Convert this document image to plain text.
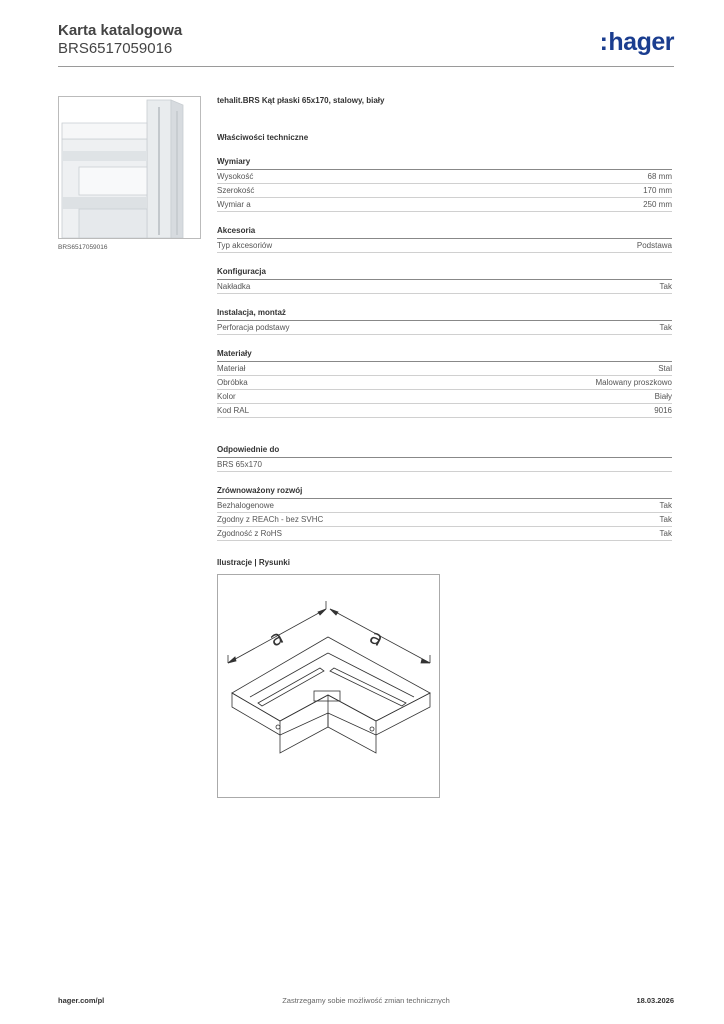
Karta katalogowa
BRS6517059016	:hager
BRS6517059016
tehalit.BRS Kąt płaski 65x170, stalowy, biały
Właściwości techniczne
Wymiary
Wysokość	68 mm
Szerokość	170 mm
Wymiar a	250 mm
Akcesoria
Typ akcesoriów	Podstawa
Konfiguracja
Nakładka	Tak
Instalacja, montaż
Perforacja podstawy	Tak
Materiały
Materiał	Stal
Obróbka	Malowany proszkowo
Kolor	Biały
Kod RAL	9016
Odpowiednie do
BRS 65x170
Zrównoważony rozwój
Bezhalogenowe	Tak
Zgodny z REACh - bez SVHC	Tak
Zgodność z RoHS	Tak
Ilustracje | Rysunki
a	a
hager.com/pl	Zastrzegamy sobie możliwość zmian technicznych	18.03.2026
